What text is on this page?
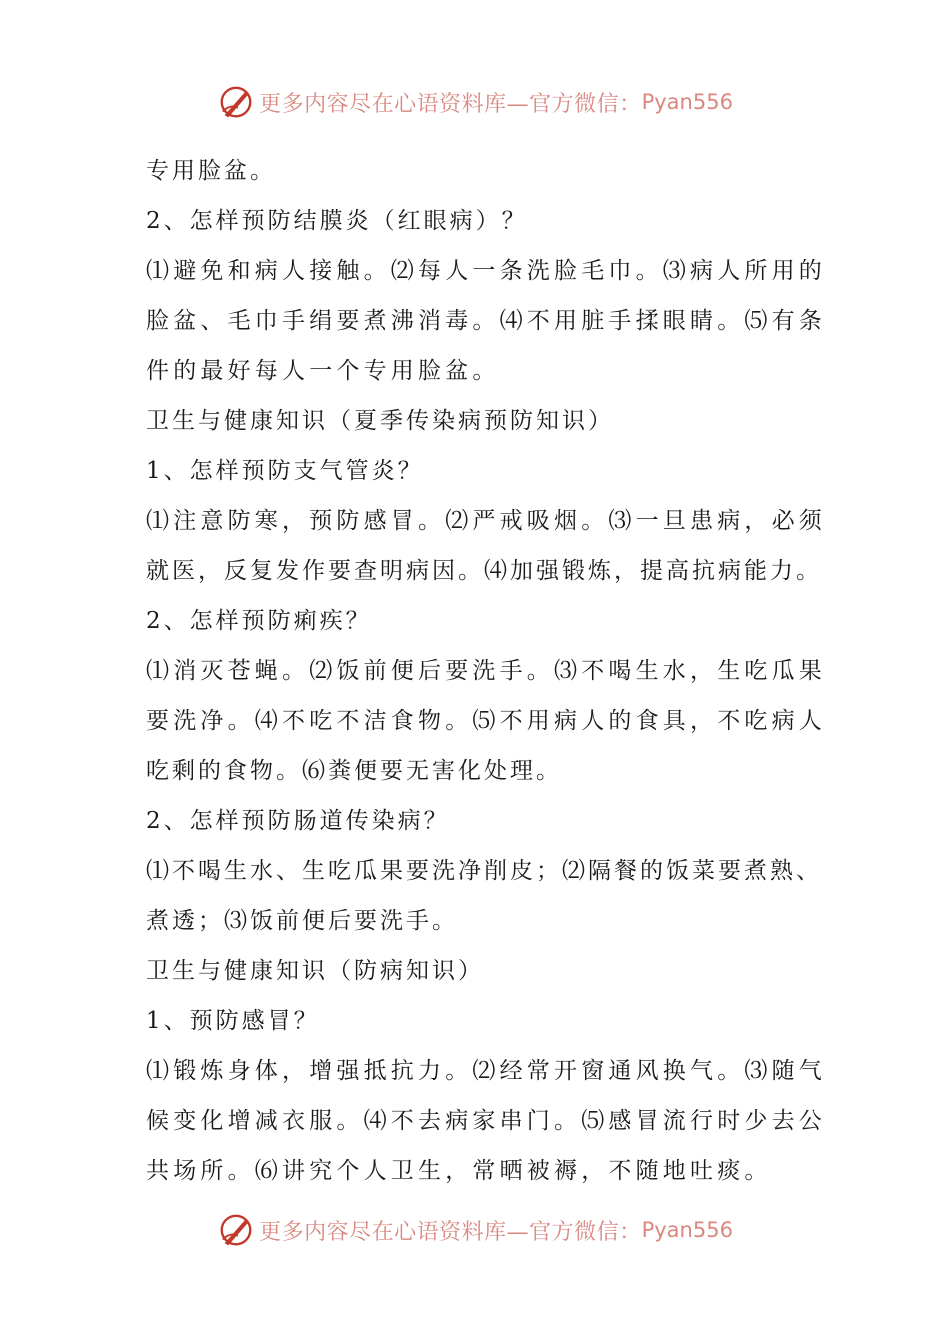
更多内容尽在心语资料库—官方微信： Pyan556
专用脸盆。
2、怎样预防结膜炎（红眼病）？
⑴避免和病人接触。⑵每人一条洗脸毛巾。⑶病人所用的
脸盆、毛巾手绢要煮沸消毒。⑷不用脏手揉眼睛。⑸有条
件的最好每人一个专用脸盆。
卫生与健康知识（夏季传染病预防知识）
1、怎样预防支气管炎？
⑴注意防寒，预防感冒。⑵严戒吸烟。⑶一旦患病，必须
就医，反复发作要查明病因。⑷加强锻炼，提高抗病能力。
2、怎样预防痢疾？
⑴消灭苍蝇。⑵饭前便后要洗手。⑶不喝生水，生吃瓜果
要洗净。⑷不吃不洁食物。⑸不用病人的食具，不吃病人
吃剩的食物。⑹粪便要无害化处理。
2、怎样预防肠道传染病？
⑴不喝生水、生吃瓜果要洗净削皮；⑵隔餐的饭菜要煮熟、
煮透；⑶饭前便后要洗手。
卫生与健康知识（防病知识）
1、预防感冒？
⑴锻炼身体，增强抵抗力。⑵经常开窗通风换气。⑶随气
候变化增减衣服。⑷不去病家串门。⑸感冒流行时少去公
共场所。⑹讲究个人卫生，常晒被褥，不随地吐痰。
更多内容尽在心语资料库—官方微信： Pyan556
